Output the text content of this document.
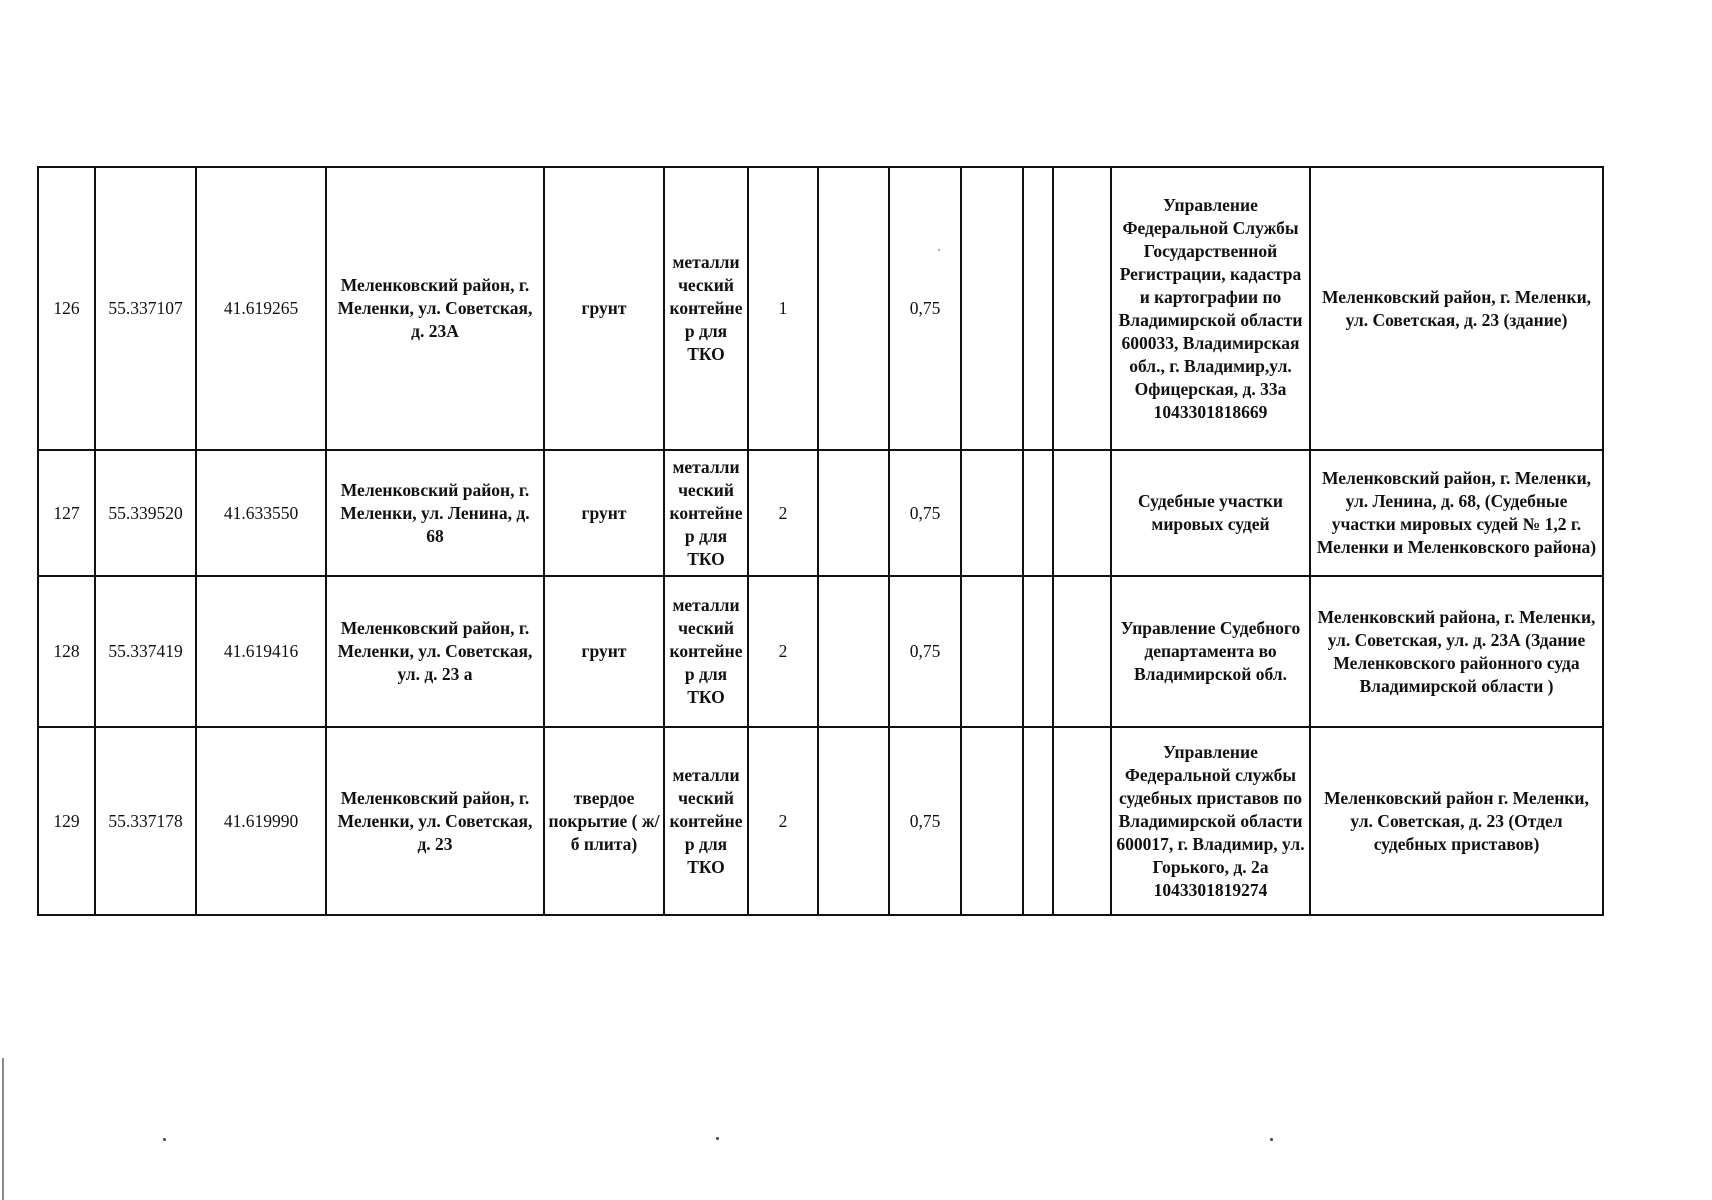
126	55.337107	41.619265	Меленковский район, г. Меленки, ул. Советская, д. 23А	грунт	металли ческий контейне р для ТКО	1		0,75				Управление Федеральной Службы Государственной Регистрации, кадастра и картографии по Владимирской области 600033, Владимирская обл., г. Владимир,ул. Офицерская, д. 33а 1043301818669	Меленковский район, г. Меленки, ул. Советская, д. 23 (здание)
127	55.339520	41.633550	Меленковский район, г. Меленки, ул. Ленина, д. 68	грунт	металли ческий контейне р для ТКО	2		0,75				Судебные участки мировых судей	Меленковский район, г. Меленки, ул. Ленина, д. 68, (Судебные участки мировых судей № 1,2 г. Меленки и Меленковского района)
128	55.337419	41.619416	Меленковский район, г. Меленки, ул. Советская, ул. д. 23 а	грунт	металли ческий контейне р для ТКО	2		0,75				Управление Судебного департамента во Владимирской обл.	Меленковский района, г. Меленки, ул. Советская, ул. д. 23А (Здание Меленковского районного суда Владимирской области )
129	55.337178	41.619990	Меленковский район, г. Меленки, ул. Советская, д. 23	твердое покрытие ( ж/б плита)	металли ческий контейне р для ТКО	2		0,75				Управление Федеральной службы судебных приставов по Владимирской области 600017, г. Владимир, ул. Горького, д. 2а 1043301819274	Меленковский район г. Меленки, ул. Советская, д. 23 (Отдел судебных приставов)
